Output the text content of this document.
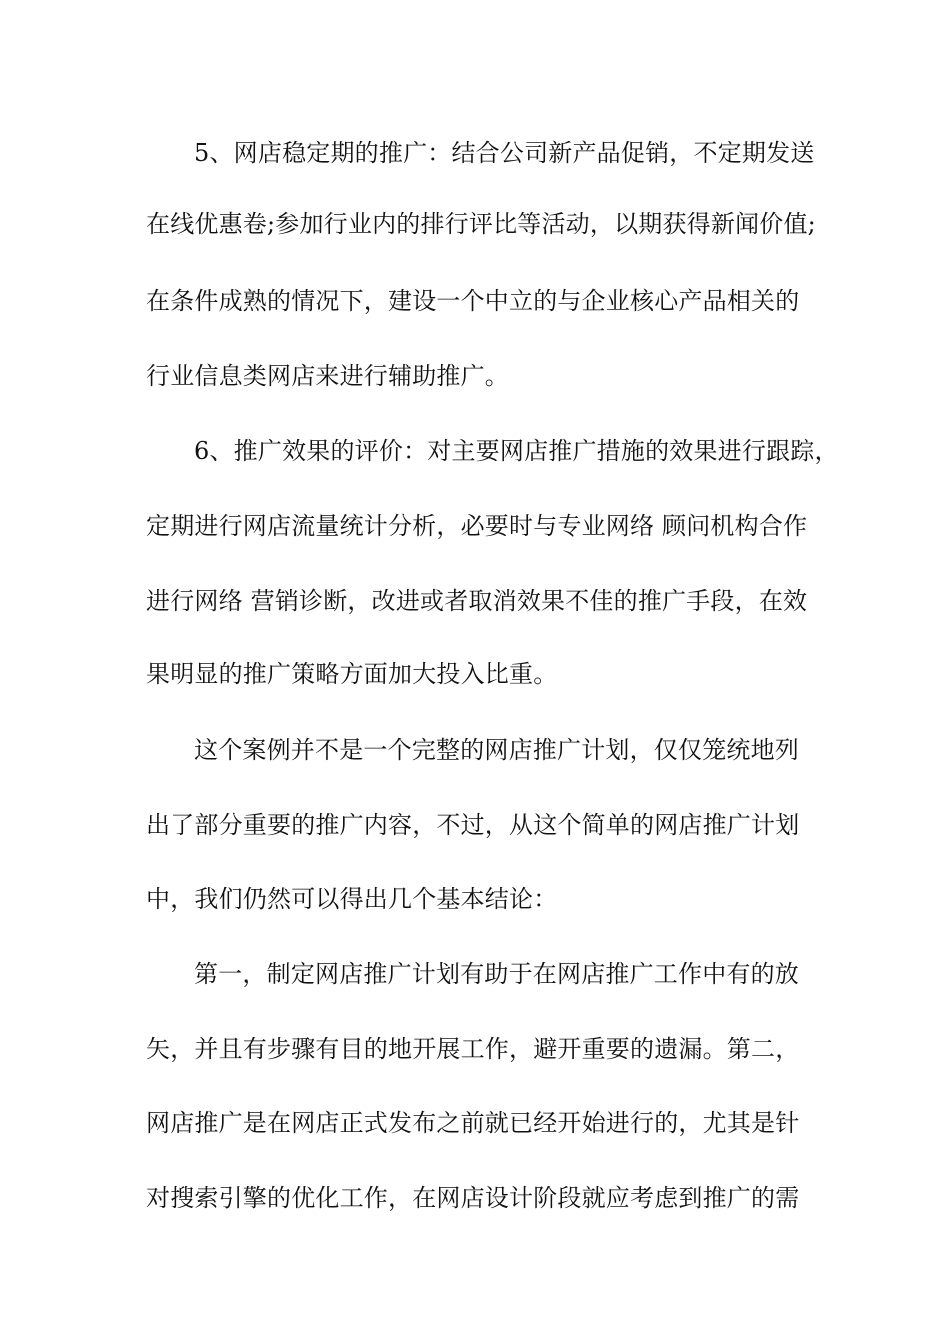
5、网店稳定期的推广：结合公司新产品促销，不定期发送
在线优惠卷;参加行业内的排行评比等活动，以期获得新闻价值;
在条件成熟的情况下，建设一个中立的与企业核心产品相关的
行业信息类网店来进行辅助推广。
6、推广效果的评价：对主要网店推广措施的效果进行跟踪，
定期进行网店流量统计分析，必要时与专业网络 顾问机构合作
进行网络 营销诊断，改进或者取消效果不佳的推广手段，在效
果明显的推广策略方面加大投入比重。
这个案例并不是一个完整的网店推广计划，仅仅笼统地列
出了部分重要的推广内容，不过，从这个简单的网店推广计划
中，我们仍然可以得出几个基本结论：
第一，制定网店推广计划有助于在网店推广工作中有的放
矢，并且有步骤有目的地开展工作，避开重要的遗漏。第二，
网店推广是在网店正式发布之前就已经开始进行的，尤其是针
对搜索引擎的优化工作，在网店设计阶段就应考虑到推广的需
